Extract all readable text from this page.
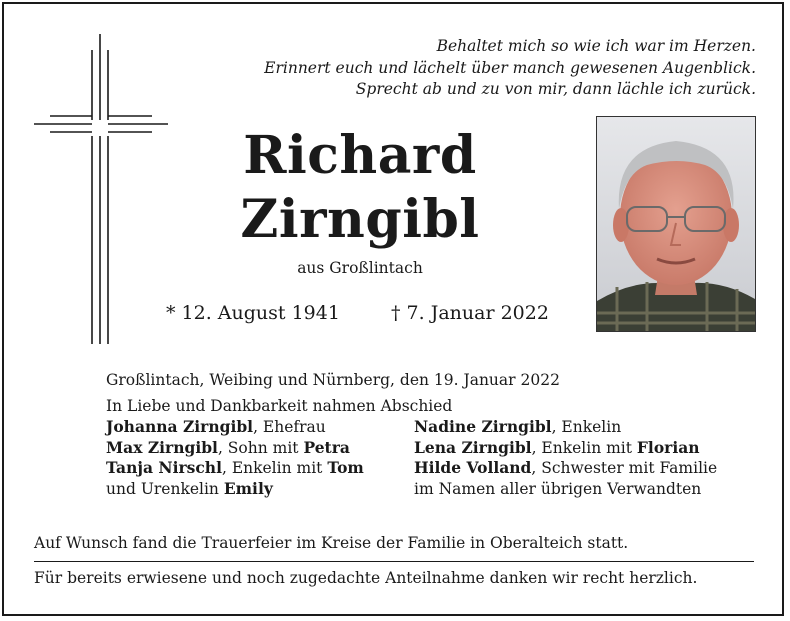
Behaltet mich so wie ich war im Herzen.
Erinnert euch und lächelt über manch gewesenen Augenblick.
Sprecht ab und zu von mir, dann lächle ich zurück.
Richard
Zirngibl
aus Großlintach
* 12. August 1941	† 7. Januar 2022
Großlintach, Weibing und Nürnberg, den 19. Januar 2022
In Liebe und Dankbarkeit nahmen Abschied
Johanna Zirngibl, Ehefrau
Max Zirngibl, Sohn mit Petra
Tanja Nirschl, Enkelin mit Tom
und Urenkelin Emily
Nadine Zirngibl, Enkelin
Lena Zirngibl, Enkelin mit Florian
Hilde Volland, Schwester mit Familie
im Namen aller übrigen Verwandten
Auf Wunsch fand die Trauerfeier im Kreise der Familie in Oberalteich statt.
Für bereits erwiesene und noch zugedachte Anteilnahme danken wir recht herzlich.
